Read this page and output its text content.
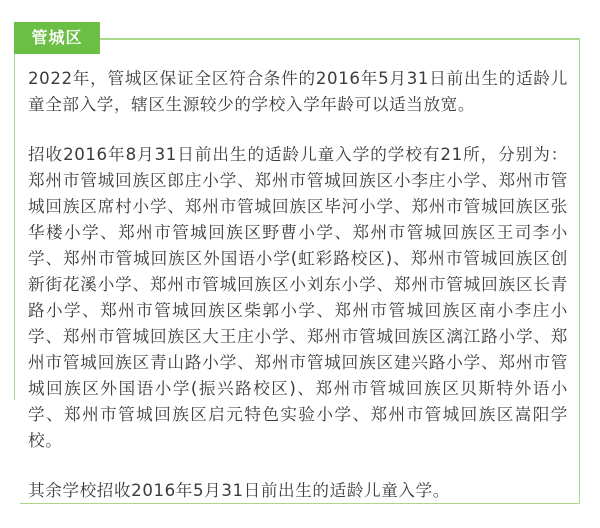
管城区

2022年，管城区保证全区符合条件的2016年5月31日前出生的适龄儿童全部入学，辖区生源较少的学校入学年龄可以适当放宽。

招收2016年8月31日前出生的适龄儿童入学的学校有21所，分别为：郑州市管城回族区郎庄小学、郑州市管城回族区小李庄小学、郑州市管城回族区席村小学、郑州市管城回族区毕河小学、郑州市管城回族区张华楼小学、郑州市管城回族区野曹小学、郑州市管城回族区王司李小学、郑州市管城回族区外国语小学(虹彩路校区)、郑州市管城回族区创新街花溪小学、郑州市管城回族区小刘东小学、郑州市管城回族区长青路小学、郑州市管城回族区柴郭小学、郑州市管城回族区南小李庄小学、郑州市管城回族区大王庄小学、郑州市管城回族区漓江路小学、郑州市管城回族区青山路小学、郑州市管城回族区建兴路小学、郑州市管城回族区外国语小学(振兴路校区)、郑州市管城回族区贝斯特外语小学、郑州市管城回族区启元特色实验小学、郑州市管城回族区嵩阳学校。

其余学校招收2016年5月31日前出生的适龄儿童入学。
